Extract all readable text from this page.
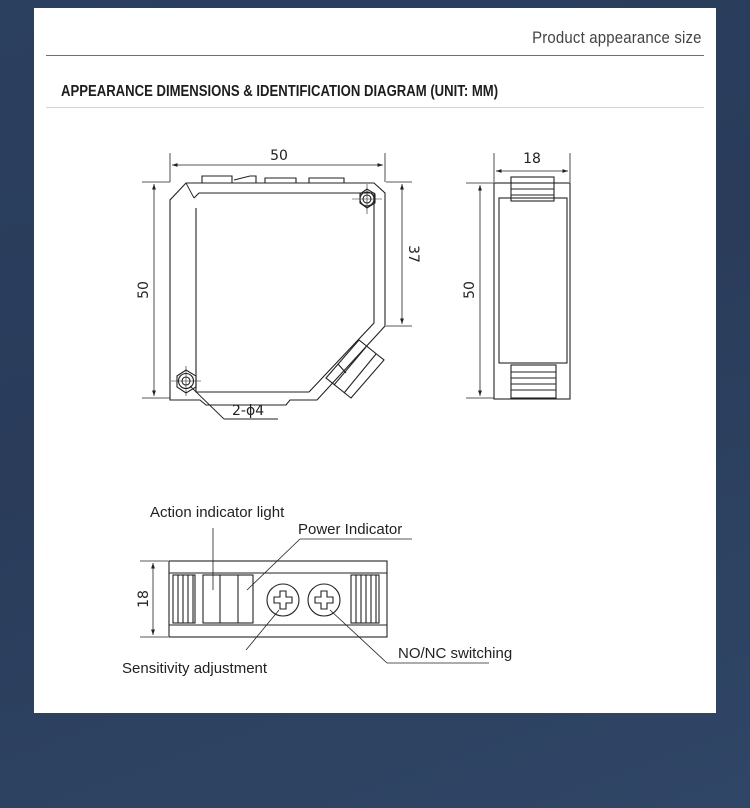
Product appearance size
APPEARANCE DIMENSIONS & IDENTIFICATION DIAGRAM (UNIT: MM)
50
50
37
2-ϕ4
18
50
18
Action indicator light
Power Indicator
Sensitivity adjustment
NO/NC switching
